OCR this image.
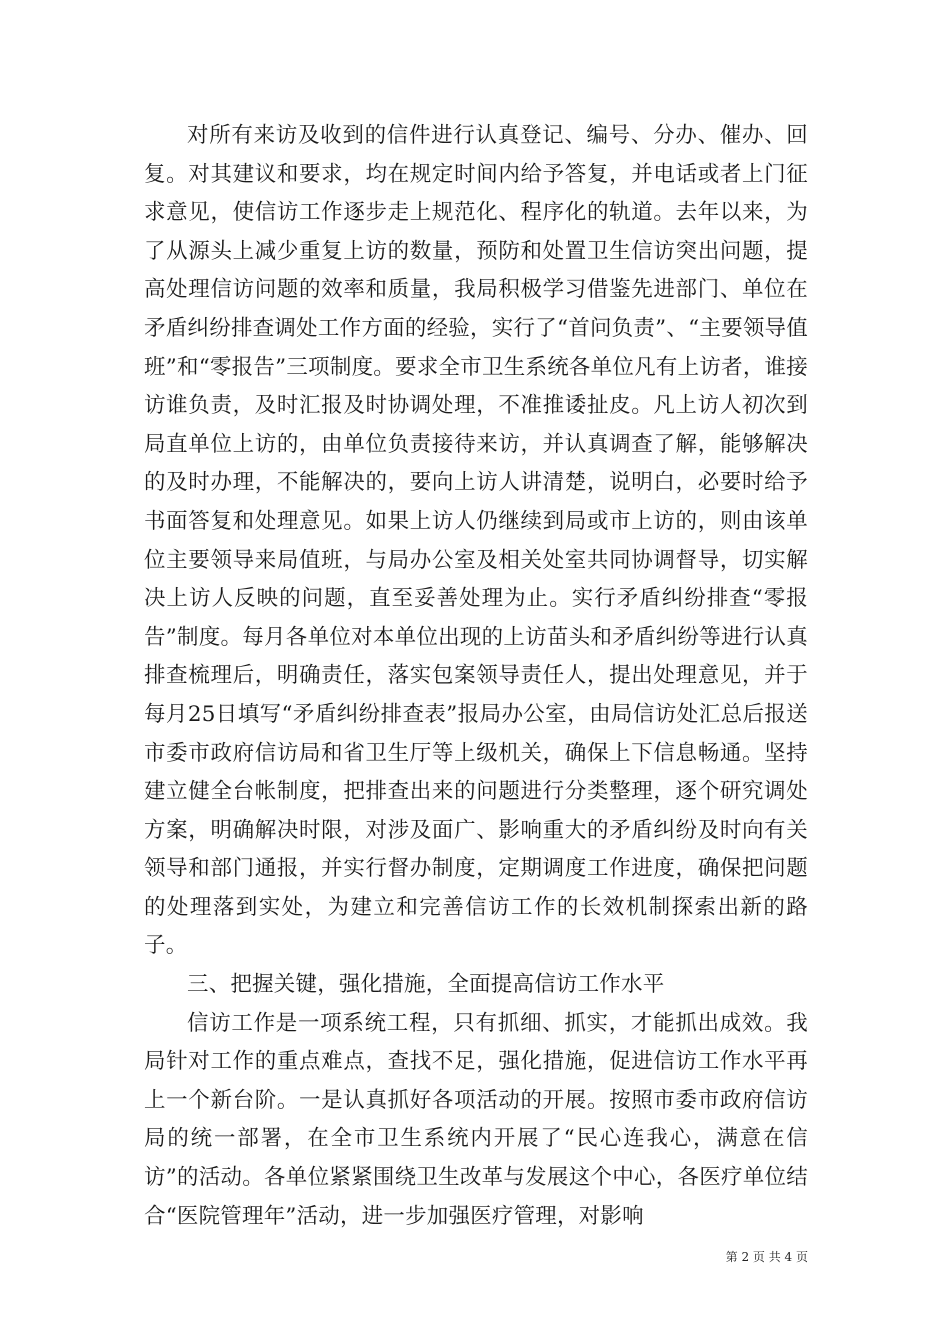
对所有来访及收到的信件进行认真登记、编号、分办、催办、回复。对其建议和要求，均在规定时间内给予答复，并电话或者上门征求意见，使信访工作逐步走上规范化、程序化的轨道。去年以来，为了从源头上减少重复上访的数量，预防和处置卫生信访突出问题，提高处理信访问题的效率和质量，我局积极学习借鉴先进部门、单位在矛盾纠纷排查调处工作方面的经验，实行了“首问负责”、“主要领导值班”和“零报告”三项制度。要求全市卫生系统各单位凡有上访者，谁接访谁负责，及时汇报及时协调处理，不准推诿扯皮。凡上访人初次到局直单位上访的，由单位负责接待来访，并认真调查了解，能够解决的及时办理，不能解决的，要向上访人讲清楚，说明白，必要时给予书面答复和处理意见。如果上访人仍继续到局或市上访的，则由该单位主要领导来局值班，与局办公室及相关处室共同协调督导，切实解决上访人反映的问题，直至妥善处理为止。实行矛盾纠纷排查“零报告”制度。每月各单位对本单位出现的上访苗头和矛盾纠纷等进行认真排查梳理后，明确责任，落实包案领导责任人，提出处理意见，并于每月25日填写“矛盾纠纷排查表”报局办公室，由局信访处汇总后报送市委市政府信访局和省卫生厅等上级机关，确保上下信息畅通。坚持建立健全台帐制度，把排查出来的问题进行分类整理，逐个研究调处方案，明确解决时限，对涉及面广、影响重大的矛盾纠纷及时向有关领导和部门通报，并实行督办制度，定期调度工作进度，确保把问题的处理落到实处，为建立和完善信访工作的长效机制探索出新的路子。

三、把握关键，强化措施，全面提高信访工作水平

信访工作是一项系统工程，只有抓细、抓实，才能抓出成效。我局针对工作的重点难点，查找不足，强化措施，促进信访工作水平再上一个新台阶。一是认真抓好各项活动的开展。按照市委市政府信访局的统一部署，在全市卫生系统内开展了“民心连我心，满意在信访”的活动。各单位紧紧围绕卫生改革与发展这个中心，各医疗单位结合“医院管理年”活动，进一步加强医疗管理，对影响

第 2 页 共 4 页
